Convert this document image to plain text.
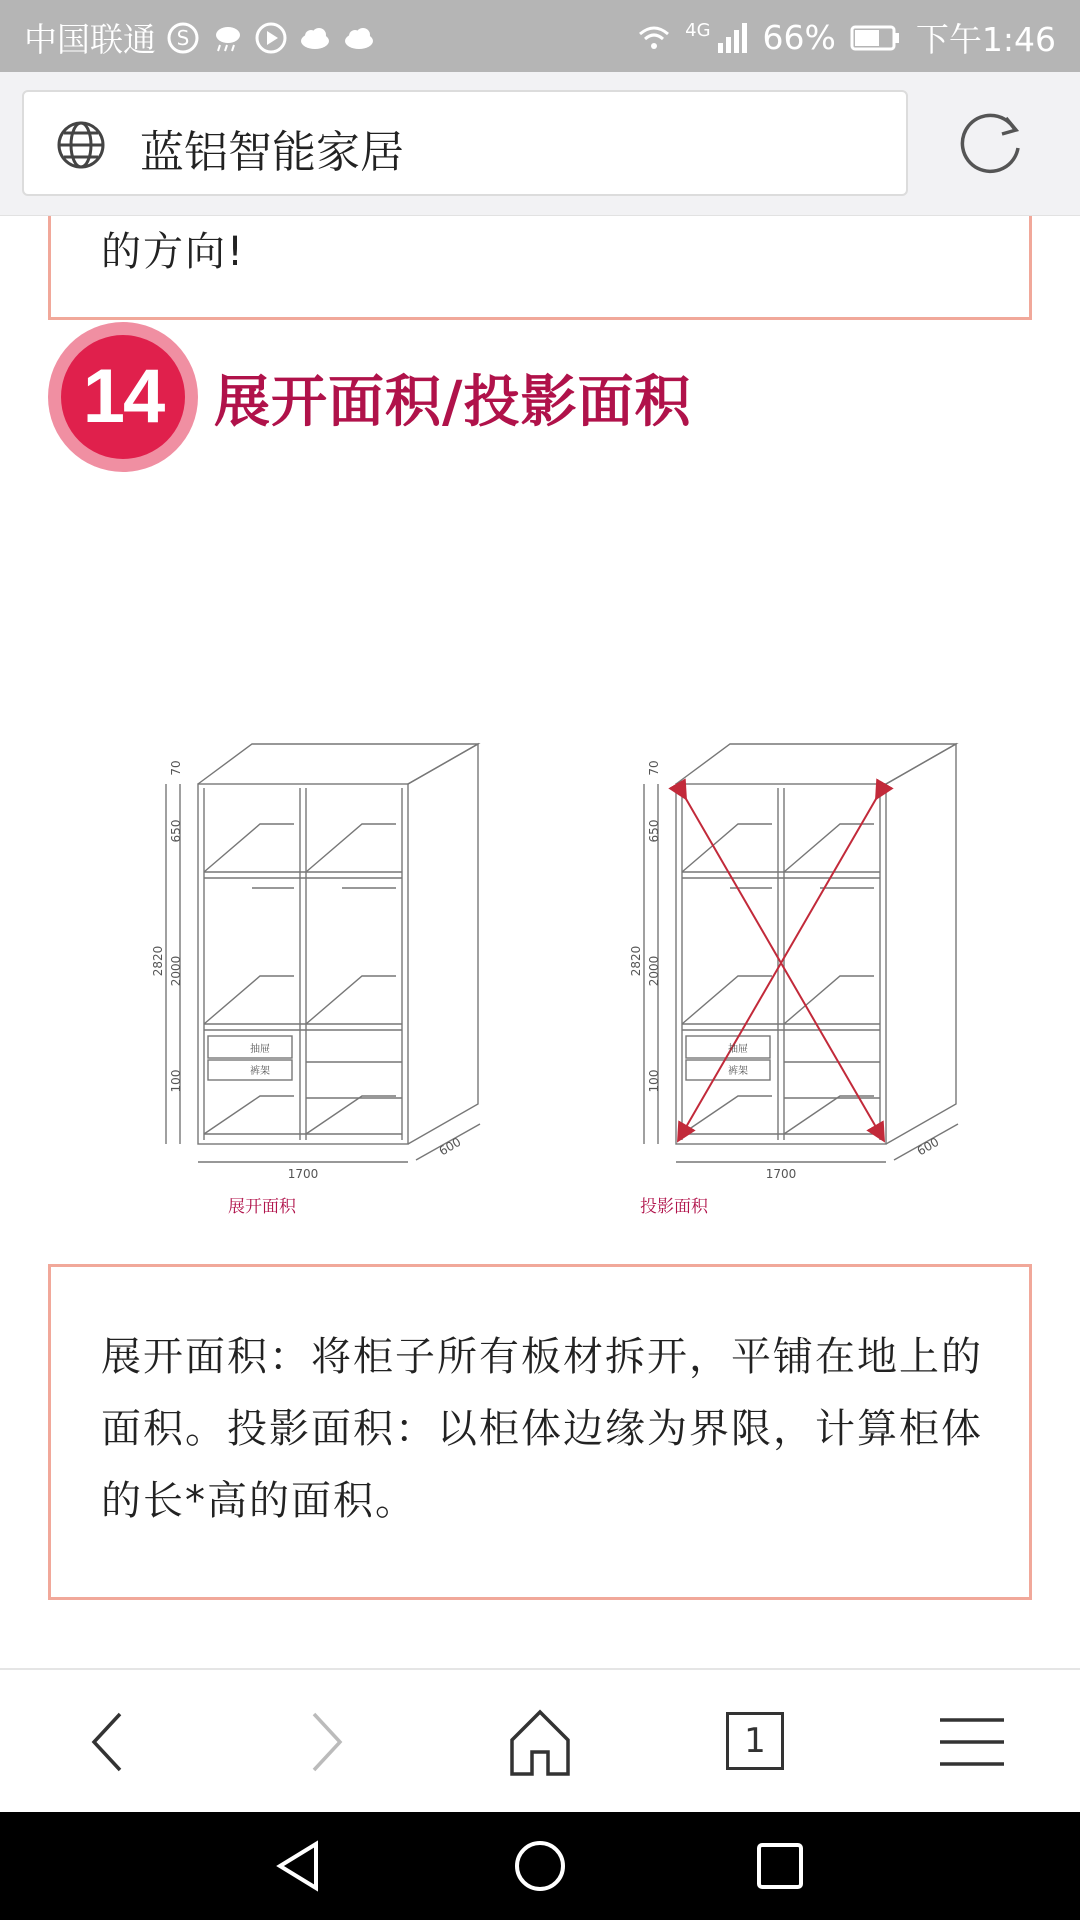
中国联通 S	4G 66% 下午1:46
蓝铝智能家居
的方向!
14 展开面积/投影面积
70
650
2820 2000
100
1700
600
抽屉
裤架
展开面积
70
650
2820 2000
100
1700
600
抽屉
裤架
投影面积
展开面积：将柜子所有板材拆开，平铺在地上的面积。投影面积：以柜体边缘为界限，计算柜体的长*高的面积。
1
